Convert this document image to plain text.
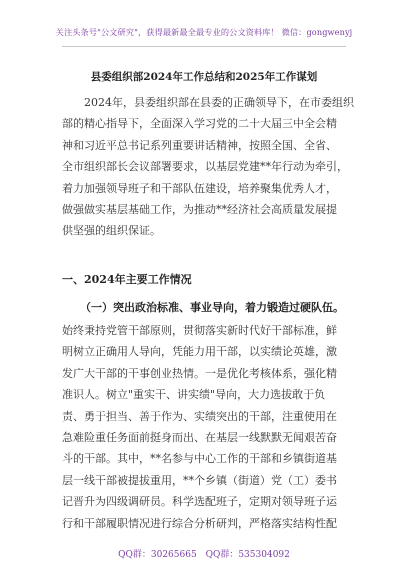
关注头条号"公文研究"，获得最新最全最专业的公文资料库！ 微信：gongwenyj
县委组织部2024年工作总结和2025年工作谋划

　　2024年，县委组织部在县委的正确领导下，在市委组织
部的精心指导下，全面深入学习党的二十大届三中全会精
神和习近平总书记系列重要讲话精神，按照全国、全省、
全市组织部长会议部署要求，以基层党建**年行动为牵引，
着力加强领导班子和干部队伍建设，培养聚集优秀人才，
做强做实基层基础工作，为推动**经济社会高质量发展提
供坚强的组织保证。

一、2024年主要工作情况
（一）突出政治标准、事业导向，着力锻造过硬队伍。

始终秉持党管干部原则，贯彻落实新时代好干部标准，鲜
明树立正确用人导向，凭能力用干部，以实绩论英雄，激
发广大干部的干事创业热情。一是优化考核体系，强化精
准识人。树立"重实干、讲实绩"导向，大力选拔敢于负
责、勇于担当、善于作为、实绩突出的干部，注重使用在
急难险重任务面前挺身而出、在基层一线默默无闻艰苦奋
斗的干部。其中，**名参与中心工作的干部和乡镇街道基
层一线干部被提拔重用，**个乡镇（街道）党（工）委书
记晋升为四级调研员。科学选配班子，定期对领导班子运
行和干部履职情况进行综合分析研判，严格落实结构性配

QQ群：30265665 QQ群：535304092
